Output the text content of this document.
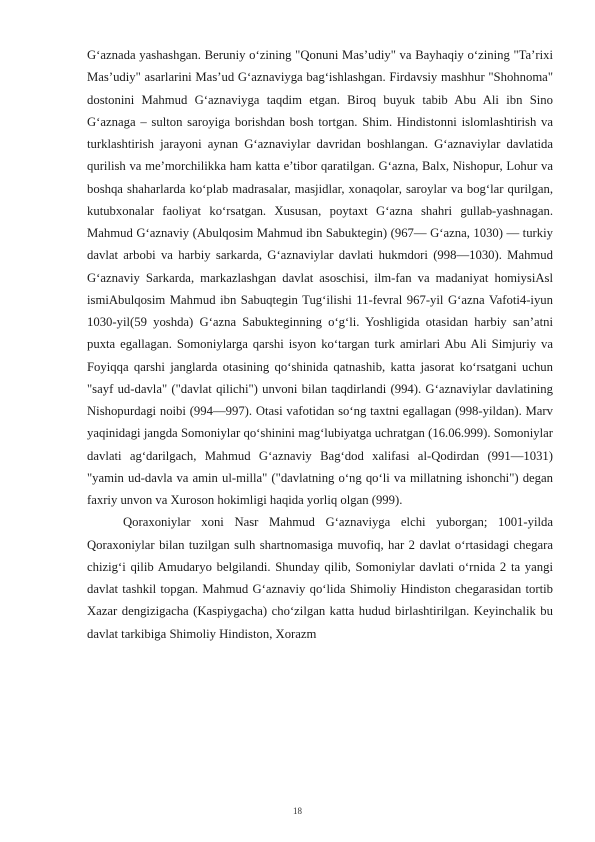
G‘aznada yashashgan. Beruniy o‘zining "Qonuni Mas’udiy" va Bayhaqiy o‘zining "Ta’rixi Mas’udiy" asarlarini Mas’ud G‘aznaviyga bag‘ishlashgan. Firdavsiy mashhur "Shohnoma" dostonini Mahmud G‘aznaviyga taqdim etgan. Biroq buyuk tabib Abu Ali ibn Sino G‘aznaga – sulton saroyiga borishdan bosh tortgan. Shim. Hindistonni islomlashtirish va turklashtirish jarayoni aynan G‘aznaviylar davridan boshlangan. G‘aznaviylar davlatida qurilish va me’morchilikka ham katta e’tibor qaratilgan. G‘azna, Balx, Nishopur, Lohur va boshqa shaharlarda ko‘plab madrasalar, masjidlar, xonaqolar, saroylar va bog‘lar qurilgan, kutubxonalar faoliyat ko‘rsatgan. Xususan, poytaxt G‘azna shahri gullab-yashnagan. Mahmud G‘aznaviy (Abulqosim Mahmud ibn Sabuktegin) (967— G‘azna, 1030) — turkiy davlat arbobi va harbiy sarkarda, G‘aznaviylar davlati hukmdori (998—1030). Mahmud G‘aznaviy Sarkarda, markazlashgan davlat asoschisi, ilm-fan va madaniyat homiysiAsl ismiAbulqosim Mahmud ibn Sabuqtegin Tug‘ilishi 11-fevral 967-yil G‘azna Vafoti4-iyun 1030-yil(59 yoshda) G‘azna Sabukteginning o‘g‘li. Yoshligida otasidan harbiy san’atni puxta egallagan. Somoniylarga qarshi isyon ko‘targan turk amirlari Abu Ali Simjuriy va Foyiqqa qarshi janglarda otasining qo‘shinida qatnashib, katta jasorat ko‘rsatgani uchun "sayf ud-davla" ("davlat qilichi") unvoni bilan taqdirlandi (994). G‘aznaviylar davlatining Nishopurdagi noibi (994—997). Otasi vafotidan so‘ng taxtni egallagan (998-yildan). Marv yaqinidagi jangda Somoniylar qo‘shinini mag‘lubiyatga uchratgan (16.06.999). Somoniylar davlati ag‘darilgach, Mahmud G‘aznaviy Bag‘dod xalifasi al-Qodirdan (991—1031) "yamin ud-davla va amin ul-milla" ("davlatning o‘ng qo‘li va millatning ishonchi") degan faxriy unvon va Xuroson hokimligi haqida yorliq olgan (999).

Qoraxoniylar xoni Nasr Mahmud G‘aznaviyga elchi yuborgan; 1001-yilda Qoraxoniylar bilan tuzilgan sulh shartnomasiga muvofiq, har 2 davlat o‘rtasidagi chegara chizig‘i qilib Amudaryo belgilandi. Shunday qilib, Somoniylar davlati o‘rnida 2 ta yangi davlat tashkil topgan. Mahmud G‘aznaviy qo‘lida Shimoliy Hindiston chegarasidan tortib Xazar dengizigacha (Kaspiygacha) cho‘zilgan katta hudud birlashtirilgan. Keyinchalik bu davlat tarkibiga Shimoliy Hindiston, Xorazm

18
